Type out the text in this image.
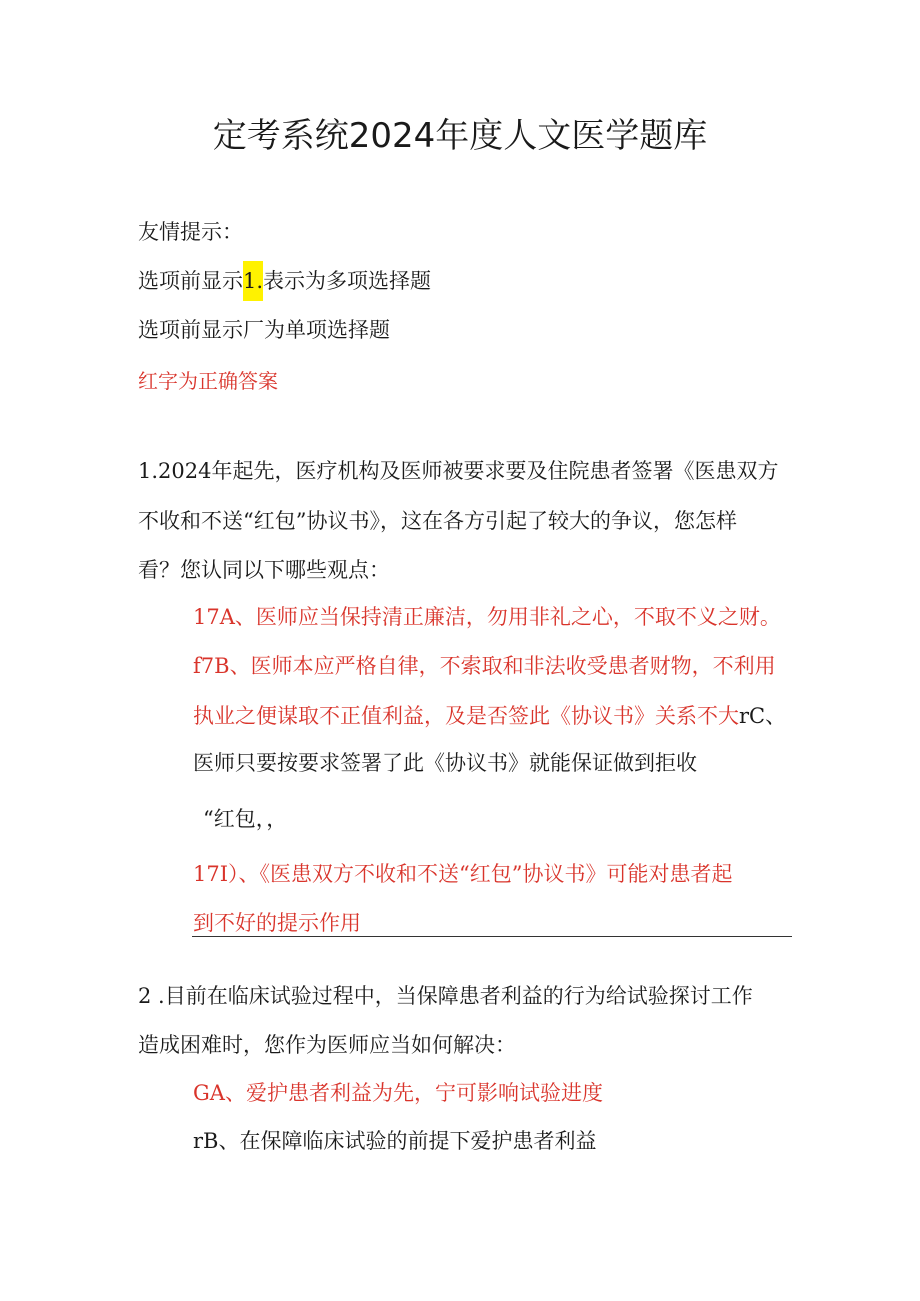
定考系统2024年度人文医学题库
友情提示：
选项前显示1.表示为多项选择题
选项前显示厂为单项选择题
红字为正确答案
1.2024年起先，医疗机构及医师被要求要及住院患者签署《医患双方
不收和不送“红包”协议书》，这在各方引起了较大的争议，您怎样
看？您认同以下哪些观点：
17A、医师应当保持清正廉洁，勿用非礼之心，不取不义之财。
f7B、医师本应严格自律，不索取和非法收受患者财物，不利用
执业之便谋取不正值利益，及是否签此《协议书》关系不大rC、
医师只要按要求签署了此《协议书》就能保证做到拒收
“红包，，
17I）、《医患双方不收和不送“红包”协议书》可能对患者起
到不好的提示作用
2 .目前在临床试验过程中，当保障患者利益的行为给试验探讨工作
造成困难时，您作为医师应当如何解决：
GA、爱护患者利益为先，宁可影响试验进度
rB、在保障临床试验的前提下爱护患者利益
